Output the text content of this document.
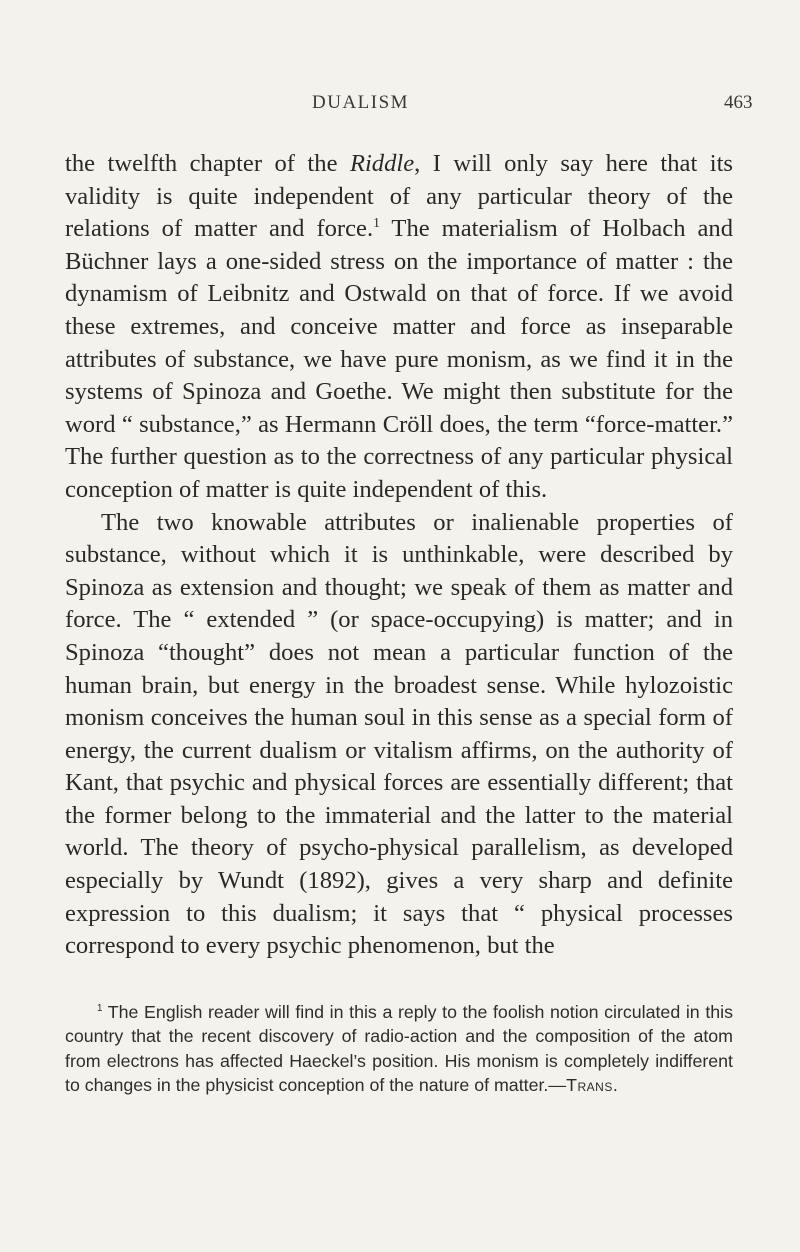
DUALISM	463

the twelfth chapter of the Riddle, I will only say here that its validity is quite independent of any particular theory of the relations of matter and force.$^1$ The materialism of Holbach and Büchner lays a one-sided stress on the importance of matter : the dynamism of Leibnitz and Ostwald on that of force. If we avoid these extremes, and conceive matter and force as inseparable attributes of substance, we have pure monism, as we find it in the systems of Spinoza and Goethe. We might then substitute for the word “ substance,” as Hermann Cröll does, the term “force-matter.” The further question as to the correctness of any particular physical conception of matter is quite independent of this.

The two knowable attributes or inalienable properties of substance, without which it is unthinkable, were described by Spinoza as extension and thought; we speak of them as matter and force. The “ extended ” (or space-occupying) is matter; and in Spinoza “thought” does not mean a particular function of the human brain, but energy in the broadest sense. While hylozoistic monism conceives the human soul in this sense as a special form of energy, the current dualism or vitalism affirms, on the authority of Kant, that psychic and physical forces are essentially different; that the former belong to the immaterial and the latter to the material world. The theory of psycho-physical parallelism, as developed especially by Wundt (1892), gives a very sharp and definite expression to this dualism; it says that “ physical processes correspond to every psychic phenomenon, but the

$^1$ The English reader will find in this a reply to the foolish notion circulated in this country that the recent discovery of radio-action and the composition of the atom from electrons has affected Haeckel’s position. His monism is completely indifferent to changes in the physicist conception of the nature of matter.—Trans.
